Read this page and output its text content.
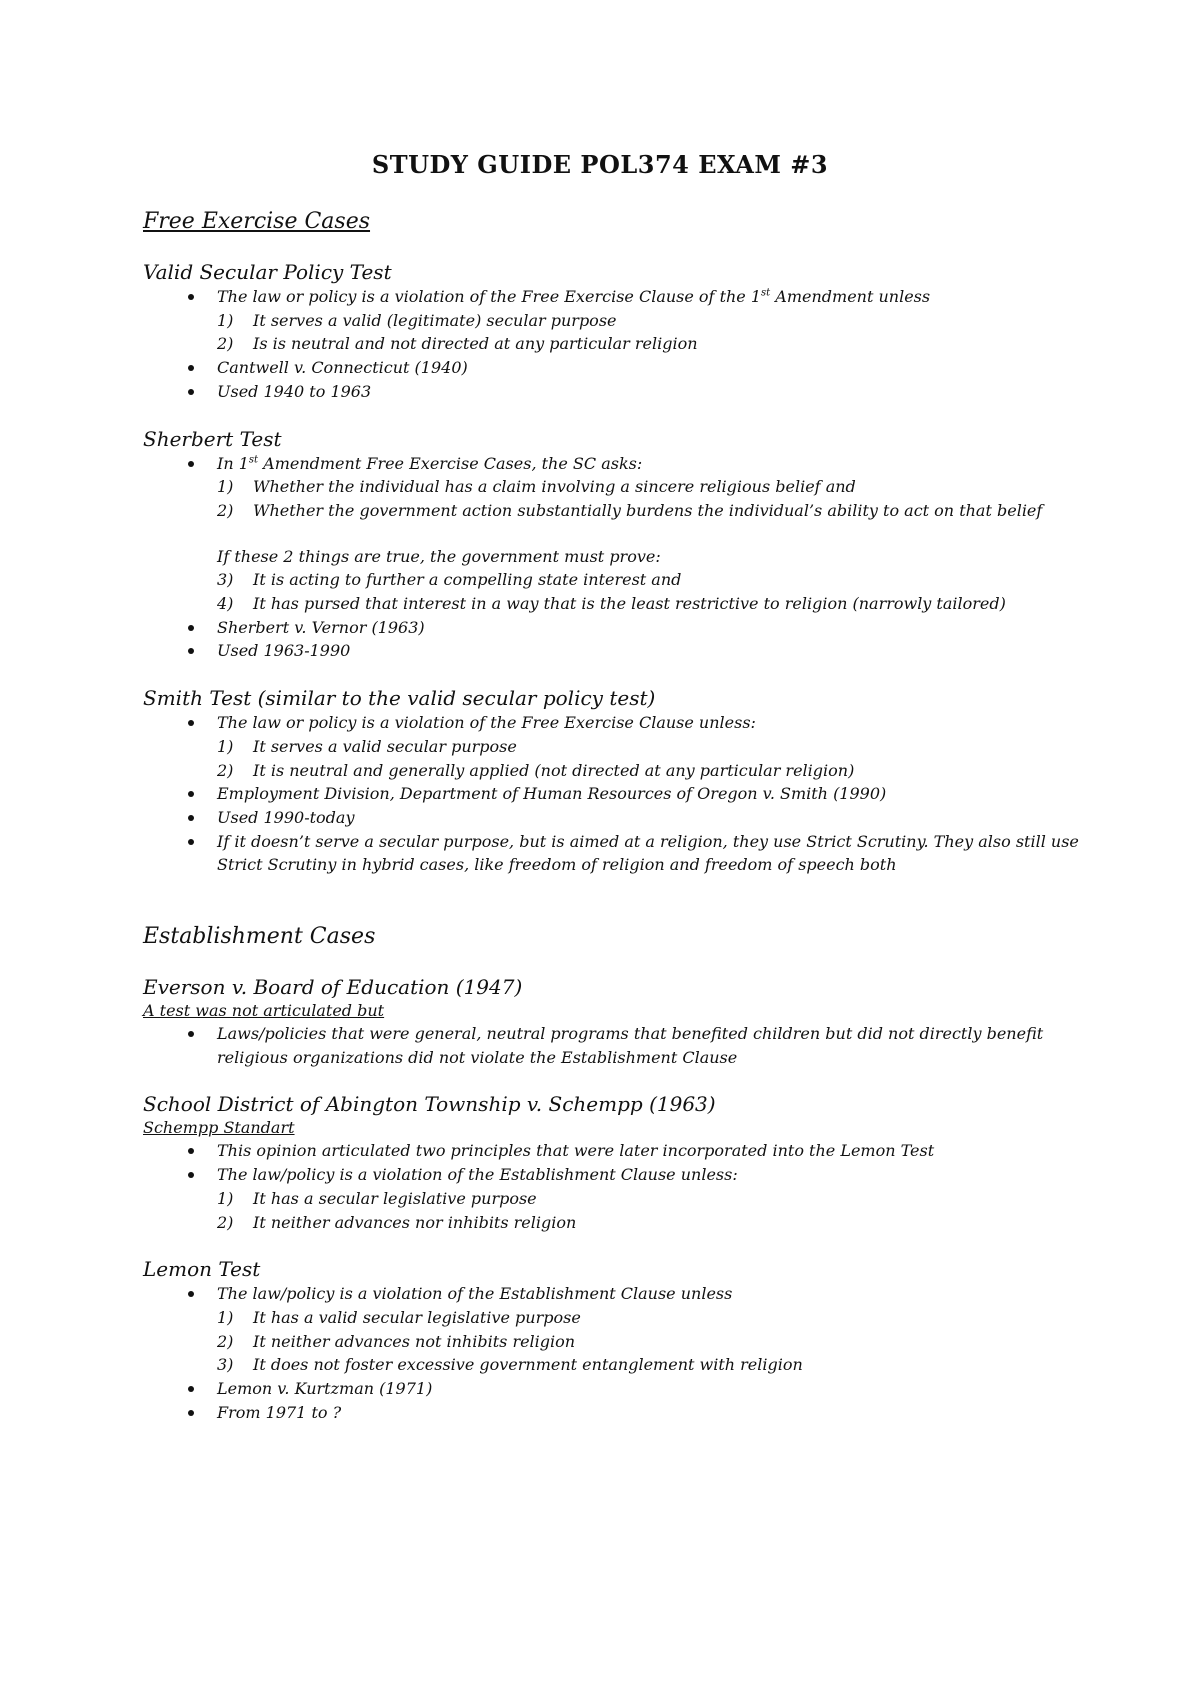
STUDY GUIDE POL374 EXAM #3

Free Exercise Cases

Valid Secular Policy Test

The law or policy is a violation of the Free Exercise Clause of the 1st Amendment unless
1) It serves a valid (legitimate) secular purpose
2) Is is neutral and not directed at any particular religion
Cantwell v. Connecticut (1940)
Used 1940 to 1963

Sherbert Test

In 1st Amendment Free Exercise Cases, the SC asks:
1) Whether the individual has a claim involving a sincere religious belief and
2) Whether the government action substantially burdens the individual’s ability to act on that belief

If these 2 things are true, the government must prove:

3) It is acting to further a compelling state interest and
4) It has pursed that interest in a way that is the least restrictive to religion (narrowly tailored)
Sherbert v. Vernor (1963)
Used 1963-1990

Smith Test (similar to the valid secular policy test)

The law or policy is a violation of the Free Exercise Clause unless:
1) It serves a valid secular purpose
2) It is neutral and generally applied (not directed at any particular religion)
Employment Division, Department of Human Resources of Oregon v. Smith (1990)
Used 1990-today
If it doesn’t serve a secular purpose, but is aimed at a religion, they use Strict Scrutiny. They also still use Strict Scrutiny in hybrid cases, like freedom of religion and freedom of speech both

Establishment Cases

Everson v. Board of Education (1947)

A test was not articulated but

Laws/policies that were general, neutral programs that benefited children but did not directly benefit religious organizations did not violate the Establishment Clause

School District of Abington Township v. Schempp (1963)

Schempp Standart

This opinion articulated two principles that were later incorporated into the Lemon Test
The law/policy is a violation of the Establishment Clause unless:
1) It has a secular legislative purpose
2) It neither advances nor inhibits religion

Lemon Test

The law/policy is a violation of the Establishment Clause unless
1) It has a valid secular legislative purpose
2) It neither advances not inhibits religion
3) It does not foster excessive government entanglement with religion
Lemon v. Kurtzman (1971)
From 1971 to ?
